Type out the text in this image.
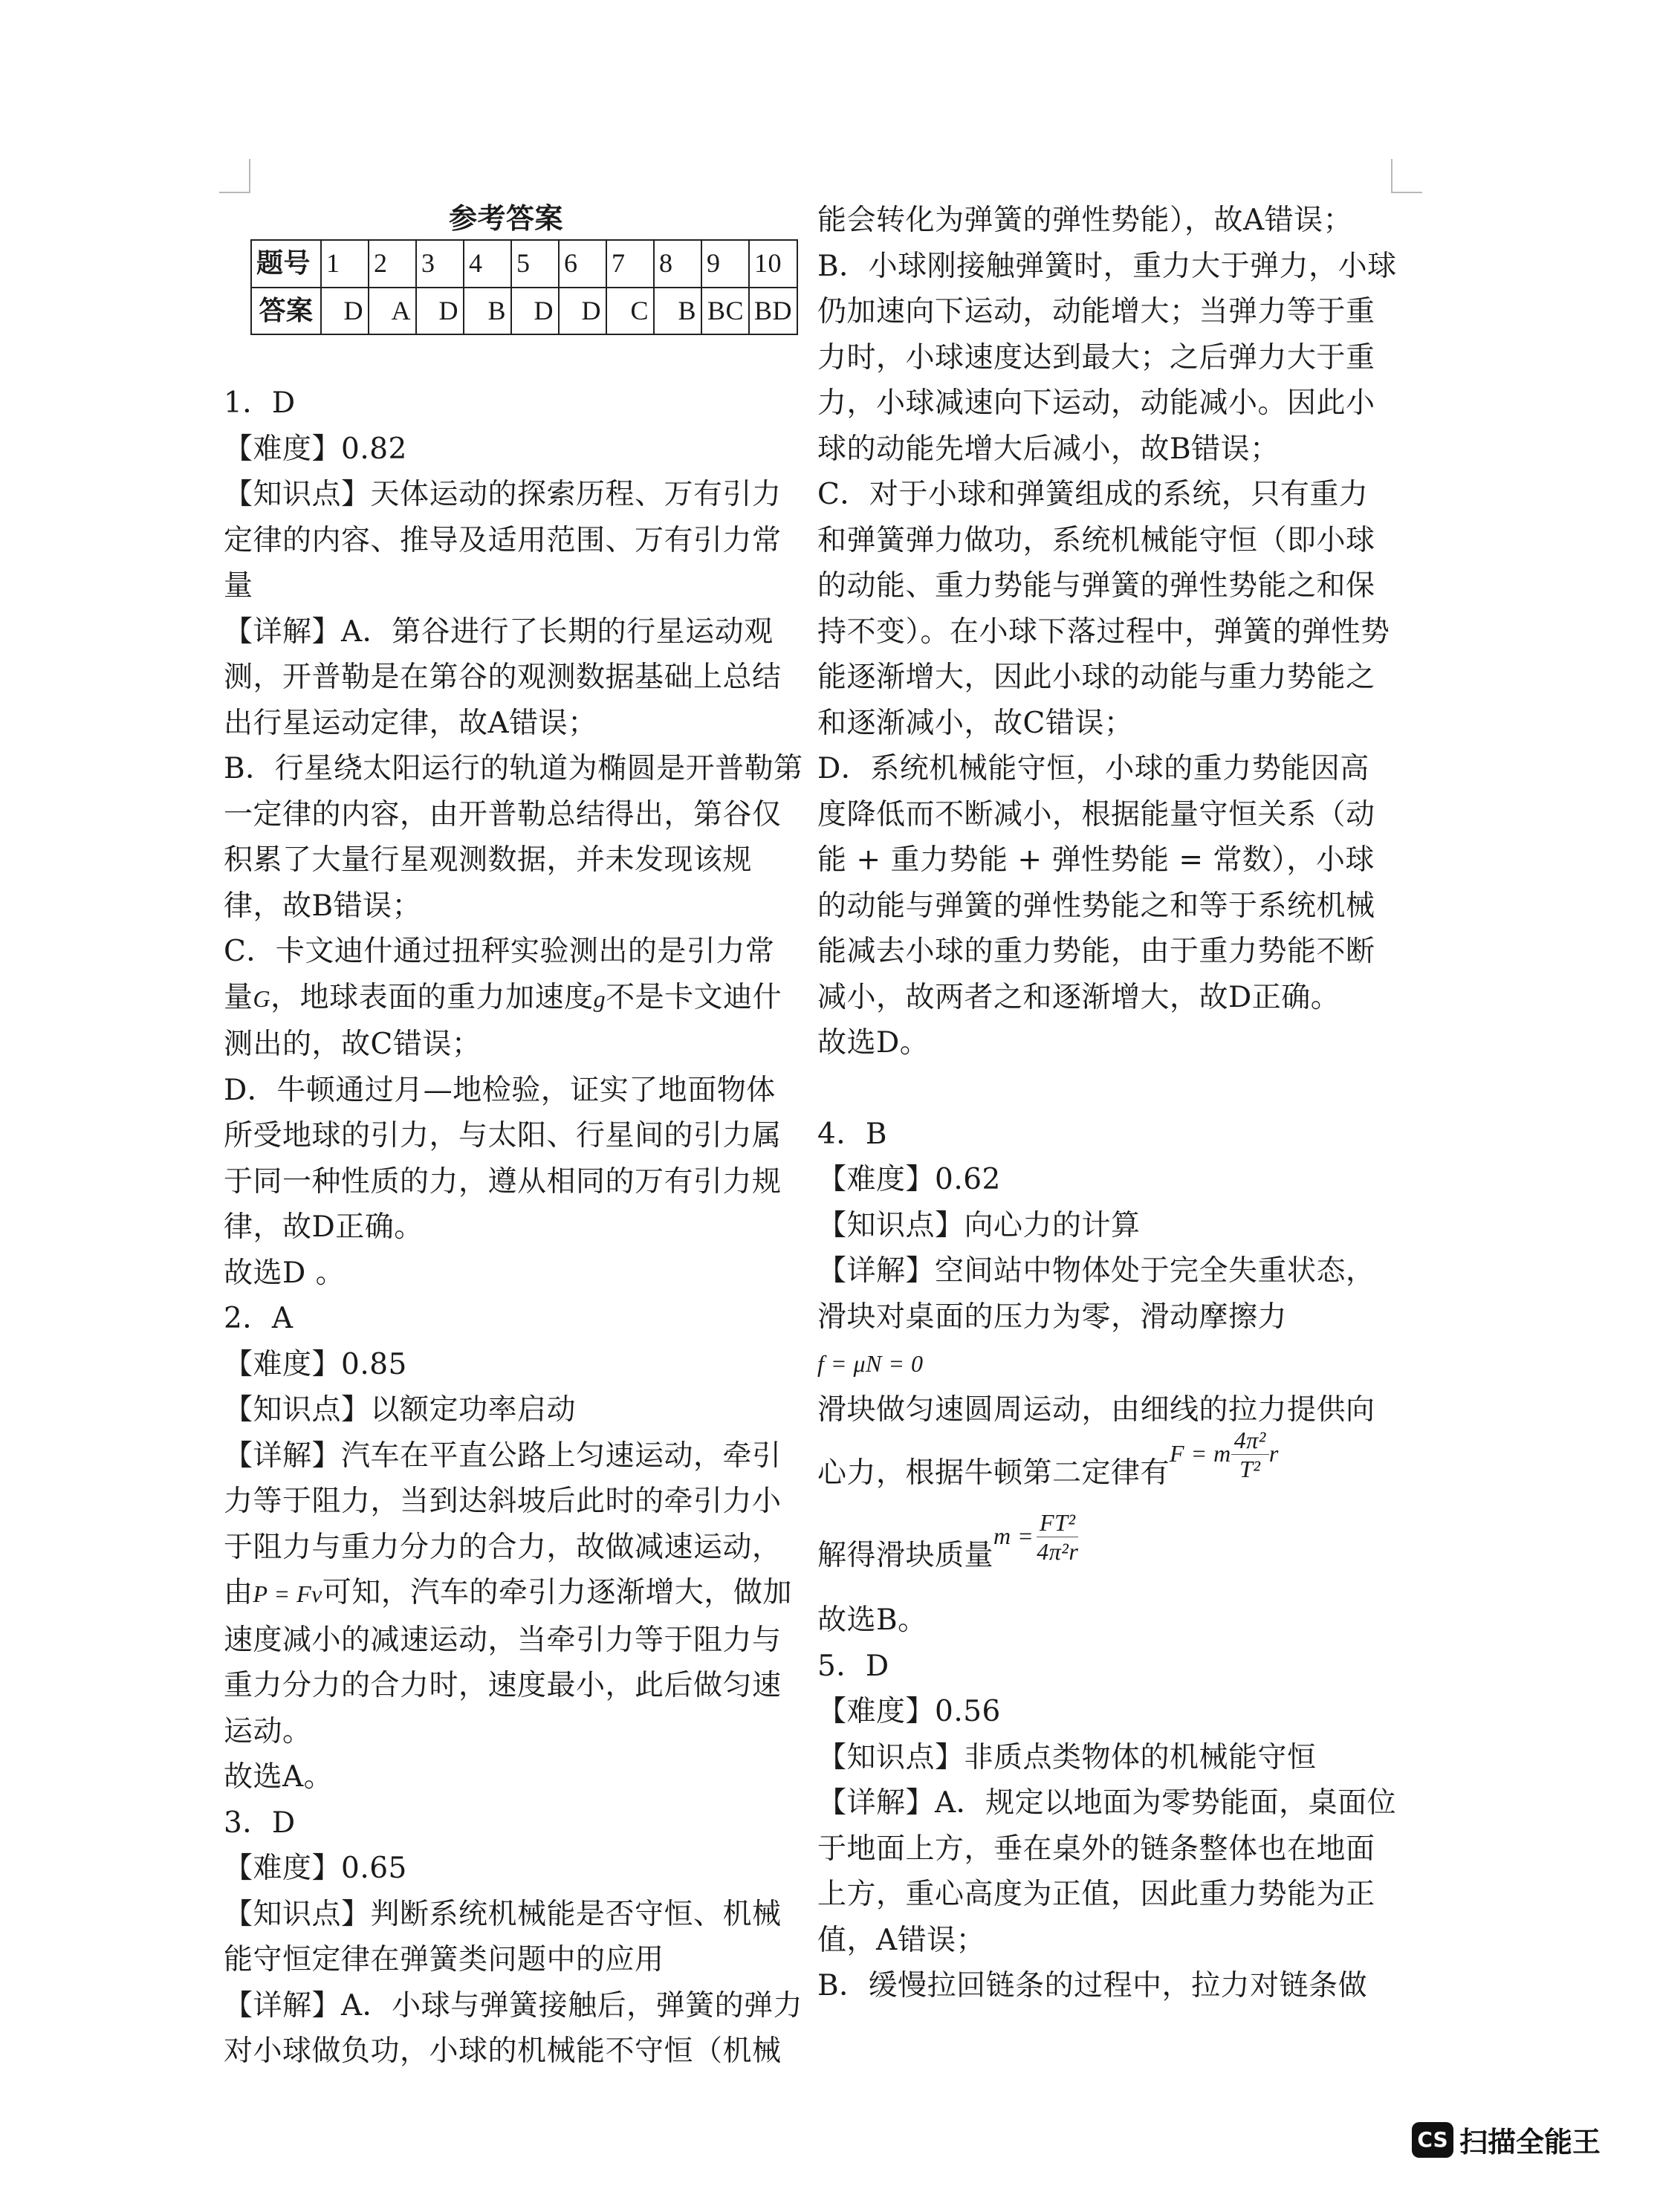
参考答案
题号	1	2	3	4	5	6	7	8	9	10
答案	D	A	D	B	D	D	C	B	BC	BD

1．D

【难度】0.82

【知识点】天体运动的探索历程、万有引力定律的内容、推导及适用范围、万有引力常量

【详解】A．第谷进行了长期的行星运动观测，开普勒是在第谷的观测数据基础上总结出行星运动定律，故A错误；

B．行星绕太阳运行的轨道为椭圆是开普勒第一定律的内容，由开普勒总结得出，第谷仅积累了大量行星观测数据，并未发现该规律，故B错误；

C．卡文迪什通过扭秤实验测出的是引力常量G，地球表面的重力加速度g不是卡文迪什测出的，故C错误；

D．牛顿通过月—地检验，证实了地面物体所受地球的引力，与太阳、行星间的引力属于同一种性质的力，遵从相同的万有引力规律，故D正确。

故选D 。

2．A

【难度】0.85

【知识点】以额定功率启动

【详解】汽车在平直公路上匀速运动，牵引力等于阻力，当到达斜坡后此时的牵引力小于阻力与重力分力的合力，故做减速运动，

由P = Fv可知，汽车的牵引力逐渐增大，做加速度减小的减速运动，当牵引力等于阻力与重力分力的合力时，速度最小，此后做匀速运动。

故选A。

3．D

【难度】0.65

【知识点】判断系统机械能是否守恒、机械能守恒定律在弹簧类问题中的应用

【详解】A．小球与弹簧接触后，弹簧的弹力对小球做负功，小球的机械能不守恒（机械

能会转化为弹簧的弹性势能），故A错误；

B．小球刚接触弹簧时，重力大于弹力，小球仍加速向下运动，动能增大；当弹力等于重力时，小球速度达到最大；之后弹力大于重力，小球减速向下运动，动能减小。因此小球的动能先增大后减小，故B错误；

C．对于小球和弹簧组成的系统，只有重力和弹簧弹力做功，系统机械能守恒（即小球的动能、重力势能与弹簧的弹性势能之和保持不变）。在小球下落过程中，弹簧的弹性势能逐渐增大，因此小球的动能与重力势能之和逐渐减小，故C错误；

D．系统机械能守恒，小球的重力势能因高度降低而不断减小，根据能量守恒关系（动能 + 重力势能 + 弹性势能 = 常数），小球的动能与弹簧的弹性势能之和等于系统机械能减去小球的重力势能，由于重力势能不断减小，故两者之和逐渐增大，故D正确。

故选D。

4．B

【难度】0.62

【知识点】向心力的计算

【详解】空间站中物体处于完全失重状态，滑块对桌面的压力为零，滑动摩擦力

f = μN = 0

滑块做匀速圆周运动，由细线的拉力提供向

心力，根据牛顿第二定律有F = m $\frac{\text{4π²}}{\text{T²}}$ r

解得滑块质量$m = \frac{\text{FT²}}{\text{4π²r}}$

故选B。

5．D

【难度】0.56

【知识点】非质点类物体的机械能守恒

【详解】A．规定以地面为零势能面，桌面位于地面上方，垂在桌外的链条整体也在地面上方，重心高度为正值，因此重力势能为正值，A错误；

B．缓慢拉回链条的过程中，拉力对链条做

CS 扫描全能王
